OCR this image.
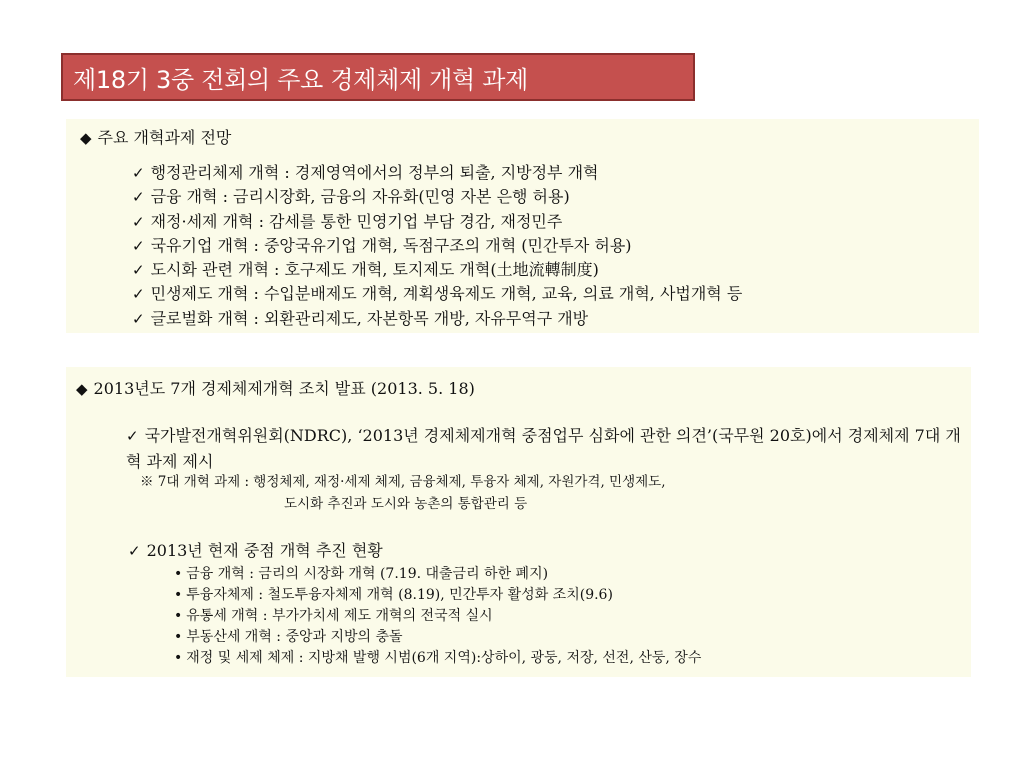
제18기 3중 전회의 주요 경제체제 개혁 과제
◆ 주요 개혁과제 전망
✓ 행정관리체제 개혁 : 경제영역에서의 정부의 퇴출, 지방정부 개혁
✓ 금융 개혁 : 금리시장화, 금융의 자유화(민영 자본 은행 허용)
✓ 재정·세제 개혁 : 감세를 통한 민영기업 부담 경감, 재정민주
✓ 국유기업 개혁 : 중앙국유기업 개혁, 독점구조의 개혁 (민간투자 허용)
✓ 도시화 관련 개혁 : 호구제도 개혁, 토지제도 개혁(土地流轉制度)
✓ 민생제도 개혁 : 수입분배제도 개혁, 계획생육제도 개혁, 교육, 의료 개혁, 사법개혁 등
✓ 글로벌화 개혁 : 외환관리제도, 자본항목 개방, 자유무역구 개방
◆ 2013년도 7개 경제체제개혁 조치 발표 (2013. 5. 18)
✓ 국가발전개혁위원회(NDRC), ‘2013년 경제체제개혁 중점업무 심화에 관한 의견’(국무원 20호)에서 경제체제 7대 개혁 과제 제시
※ 7대 개혁 과제 : 행정체제, 재정·세제 체제, 금융체제, 투융자 체제, 자원가격, 민생제도,
도시화 추진과 도시와 농촌의 통합관리 등
✓ 2013년 현재 중점 개혁 추진 현황
• 금융 개혁 : 금리의 시장화 개혁 (7.19. 대출금리 하한 폐지)
• 투융자체제 : 철도투융자체제 개혁 (8.19), 민간투자 활성화 조치(9.6)
• 유통세 개혁 : 부가가치세 제도 개혁의 전국적 실시
• 부동산세 개혁 : 중앙과 지방의 충돌
• 재정 및 세제 체제 : 지방채 발행 시범(6개 지역):상하이, 광둥, 저장, 선전, 산둥, 장수
